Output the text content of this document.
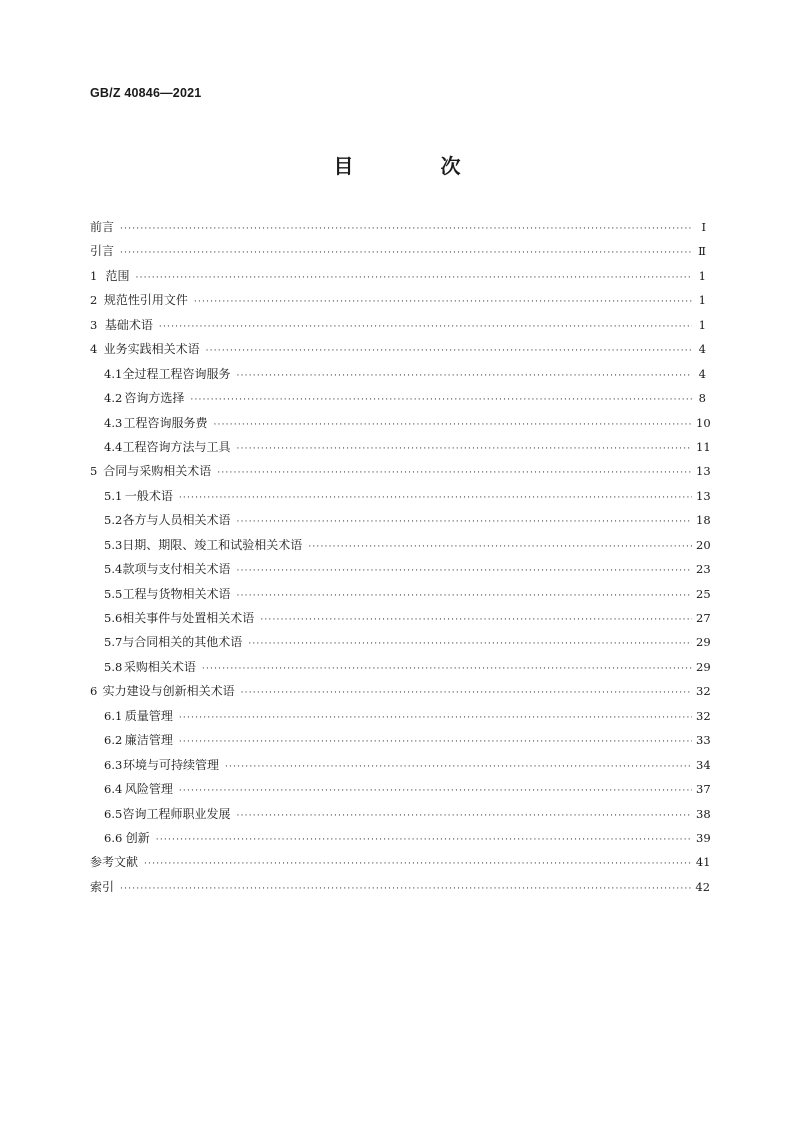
GB/Z 40846—2021
目 次
前言 ·····	Ⅰ
引言 ·····	Ⅱ
1 范围 ·····	1
2 规范性引用文件 ·····	1
3 基础术语 ·····	1
4 业务实践相关术语 ·····	4
4.1 全过程工程咨询服务 ·····	4
4.2 咨询方选择 ·····	8
4.3 工程咨询服务费 ·····	10
4.4 工程咨询方法与工具 ·····	11
5 合同与采购相关术语 ·····	13
5.1 一般术语 ·····	13
5.2 各方与人员相关术语 ·····	18
5.3 日期、期限、竣工和试验相关术语 ·····	20
5.4 款项与支付相关术语 ·····	23
5.5 工程与货物相关术语 ·····	25
5.6 相关事件与处置相关术语 ·····	27
5.7 与合同相关的其他术语 ·····	29
5.8 采购相关术语 ·····	29
6 实力建设与创新相关术语 ·····	32
6.1 质量管理 ·····	32
6.2 廉洁管理 ·····	33
6.3 环境与可持续管理 ·····	34
6.4 风险管理 ·····	37
6.5 咨询工程师职业发展 ·····	38
6.6 创新 ·····	39
参考文献 ·····	41
索引 ·····	42
